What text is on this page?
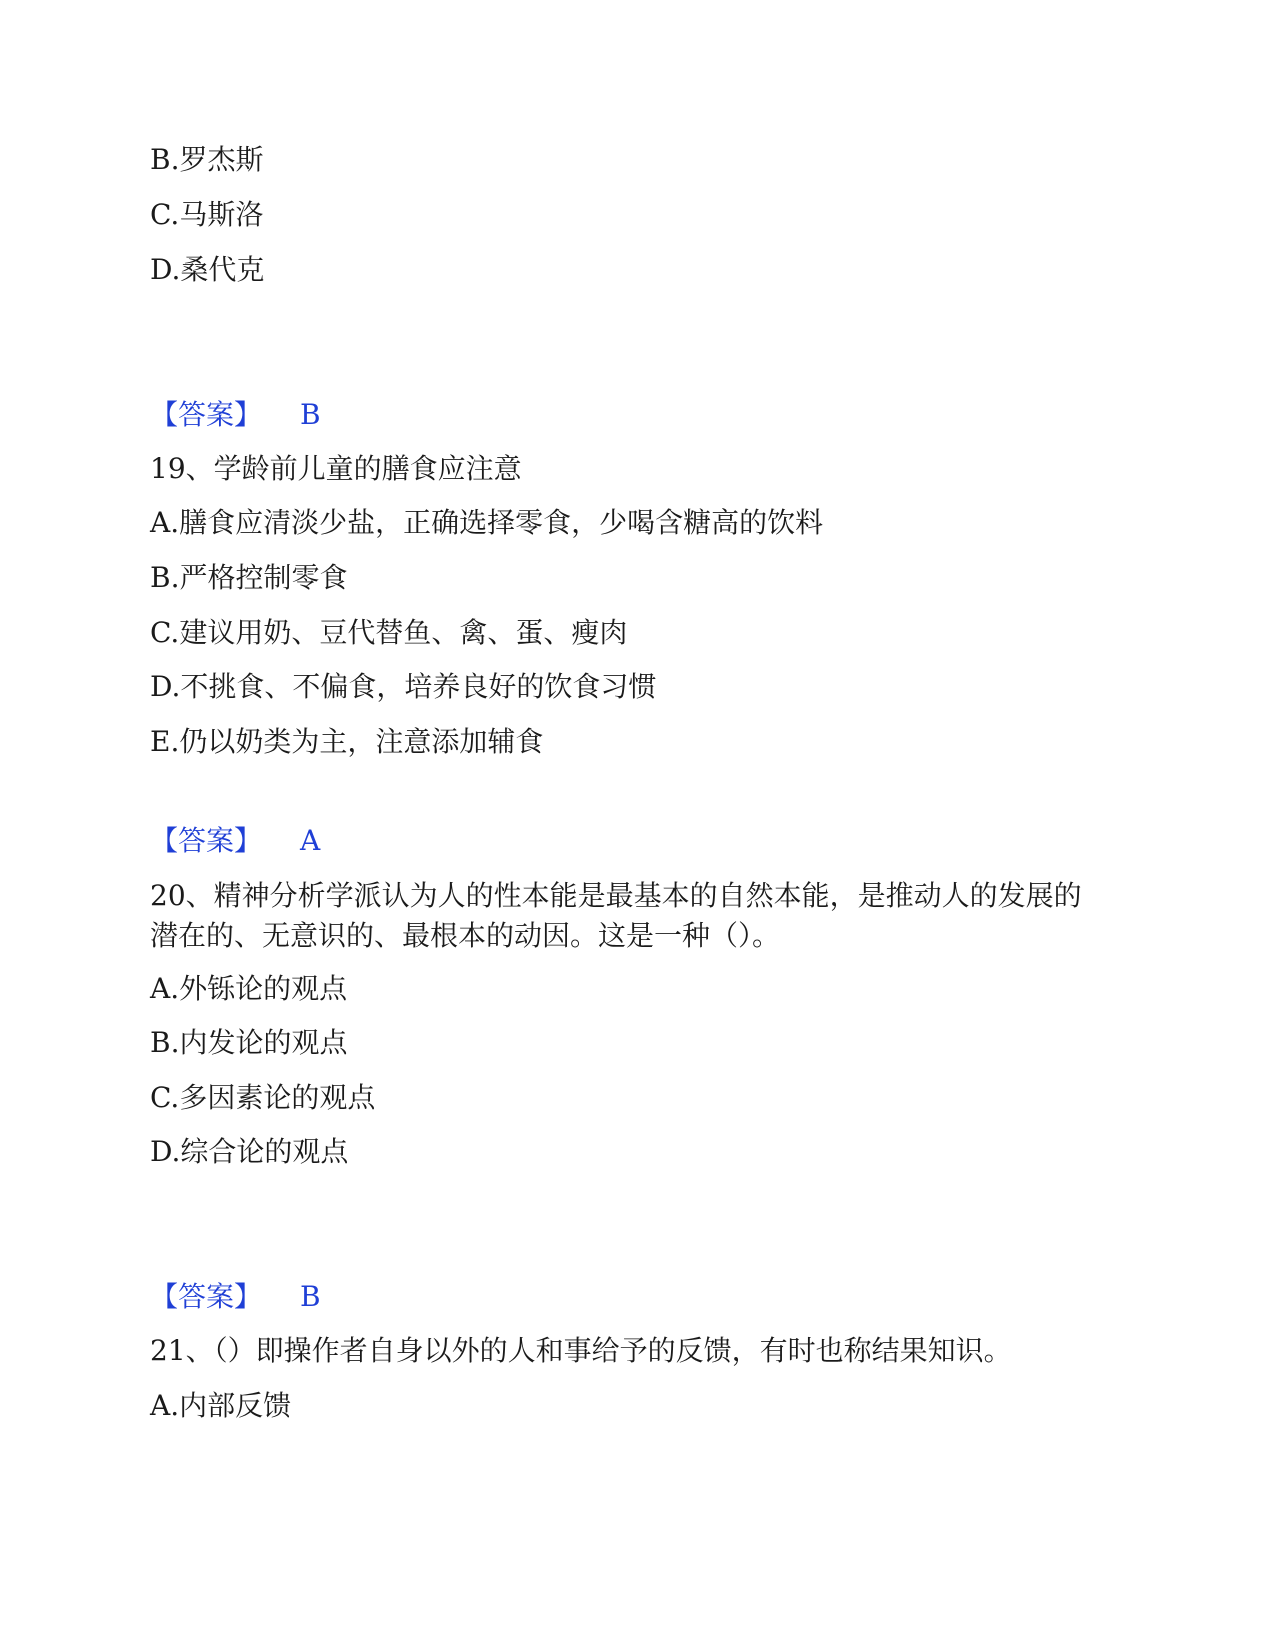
B.罗杰斯
C.马斯洛
D.桑代克
【答案】 B
19、学龄前儿童的膳食应注意
A.膳食应清淡少盐，正确选择零食，少喝含糖高的饮料
B.严格控制零食
C.建议用奶、豆代替鱼、禽、蛋、瘦肉
D.不挑食、不偏食，培养良好的饮食习惯
E.仍以奶类为主，注意添加辅食
【答案】 A
20、精神分析学派认为人的性本能是最基本的自然本能，是推动人的发展的
潜在的、无意识的、最根本的动因。这是一种（）。
A.外铄论的观点
B.内发论的观点
C.多因素论的观点
D.综合论的观点
【答案】 B
21、（）即操作者自身以外的人和事给予的反馈，有时也称结果知识。
A.内部反馈
